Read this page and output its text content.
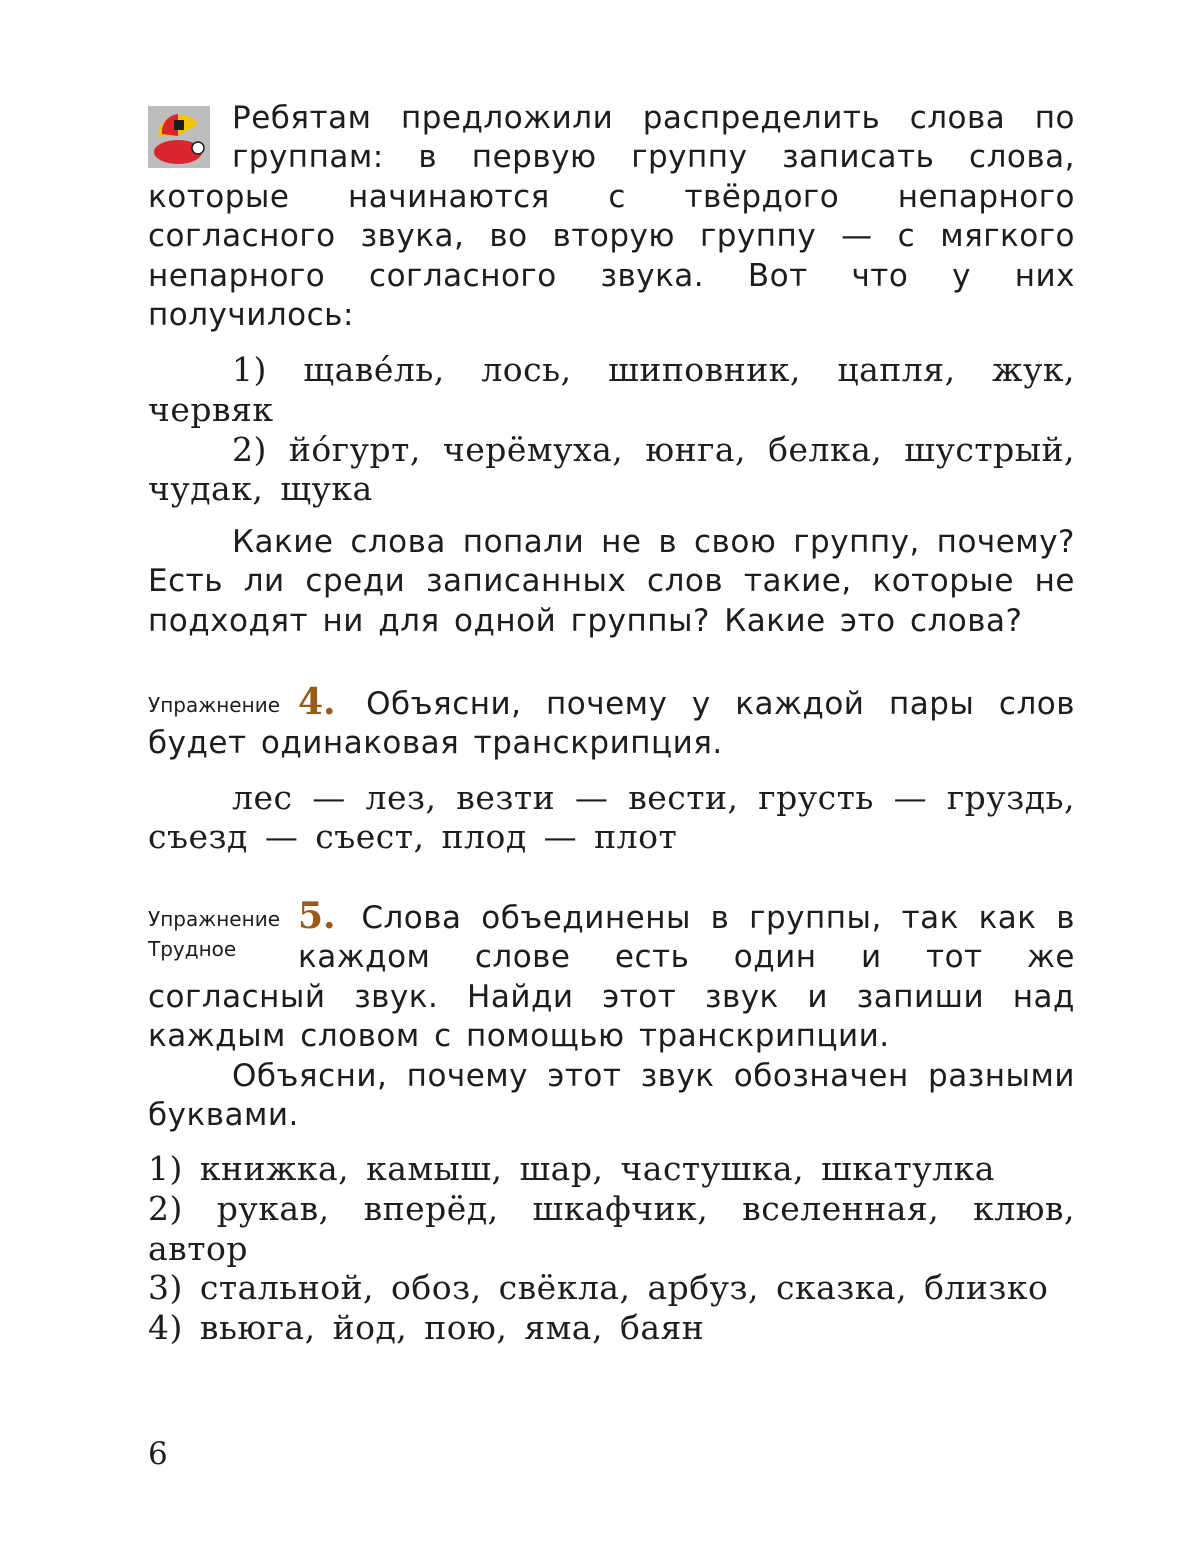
Ребятам предложили распределить слова по группам: в первую группу записать слова, которые начинаются с твёрдого непарного согласного звука, во вторую группу — с мягкого непарного согласного звука. Вот что у них получилось:

1) щаве́ль, лось, шиповник, цапля, жук, червяк

2) йо́гурт, черёмуха, юнга, белка, шустрый, чудак, щука

Какие слова попали не в свою группу, почему? Есть ли среди записанных слов такие, которые не подходят ни для одной группы? Какие это слова?

Упражнение 4. Объясни, почему у каждой пары слов будет одинаковая транскрипция.

лес — лез, везти — вести, грусть — груздь, съезд — съест, плод — плот

Упражнение
Трудное

5. Слова объединены в группы, так как в каждом слове есть один и тот же согласный звук. Найди этот звук и запиши над каждым словом с помощью транскрипции.

Объясни, почему этот звук обозначен разными буквами.

1) книжка, камыш, шар, частушка, шкатулка

2) рукав, вперёд, шкафчик, вселенная, клюв, автор

3) стальной, обоз, свёкла, арбуз, сказка, близко

4) вьюга, йод, пою, яма, баян

6
